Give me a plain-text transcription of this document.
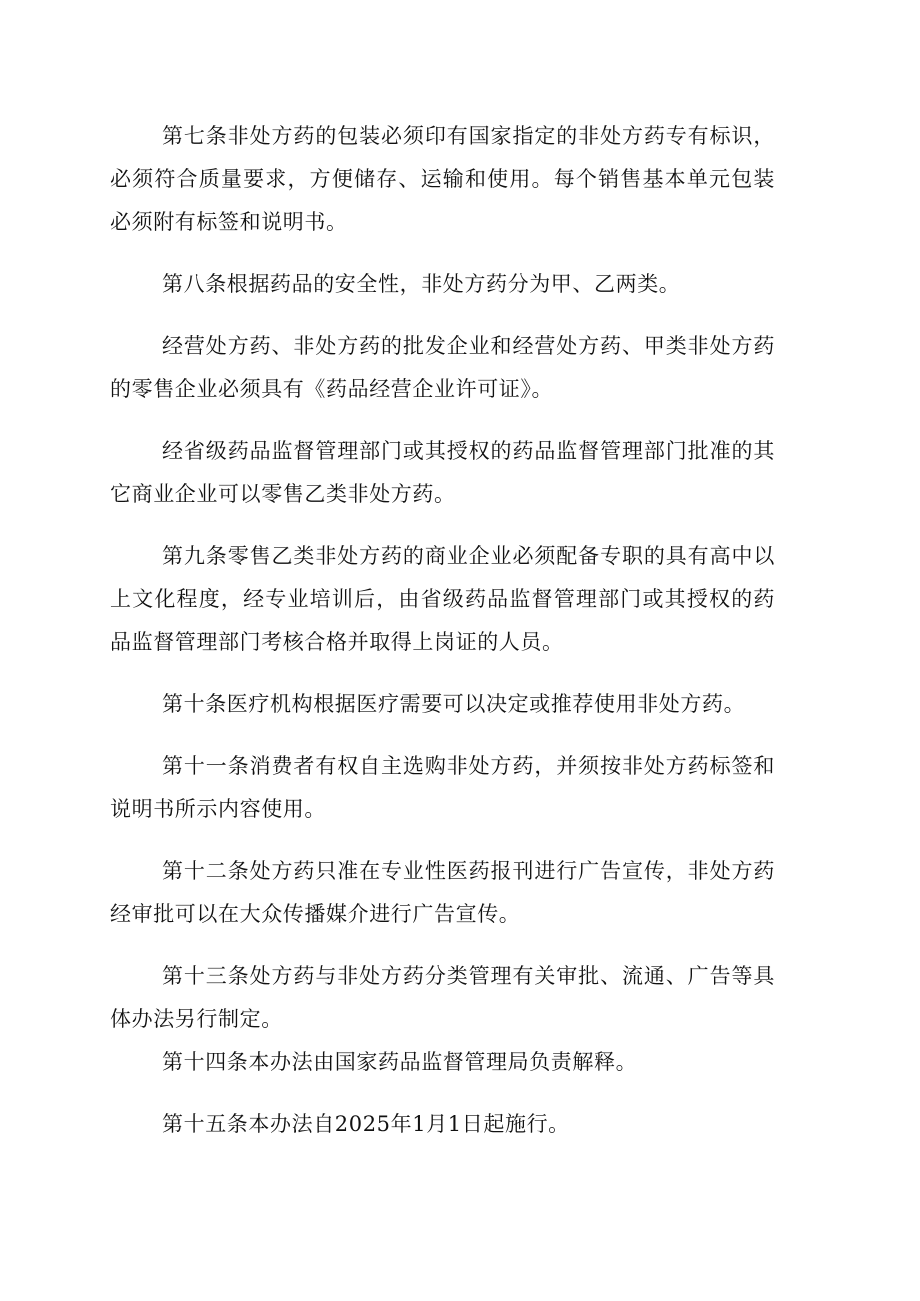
第七条非处方药的包装必须印有国家指定的非处方药专有标识，必须符合质量要求，方便储存、运输和使用。每个销售基本单元包装必须附有标签和说明书。

第八条根据药品的安全性，非处方药分为甲、乙两类。

经营处方药、非处方药的批发企业和经营处方药、甲类非处方药的零售企业必须具有《药品经营企业许可证》。

经省级药品监督管理部门或其授权的药品监督管理部门批准的其它商业企业可以零售乙类非处方药。

第九条零售乙类非处方药的商业企业必须配备专职的具有高中以上文化程度，经专业培训后，由省级药品监督管理部门或其授权的药品监督管理部门考核合格并取得上岗证的人员。

第十条医疗机构根据医疗需要可以决定或推荐使用非处方药。

第十一条消费者有权自主选购非处方药，并须按非处方药标签和说明书所示内容使用。

第十二条处方药只准在专业性医药报刊进行广告宣传，非处方药经审批可以在大众传播媒介进行广告宣传。

第十三条处方药与非处方药分类管理有关审批、流通、广告等具体办法另行制定。

第十四条本办法由国家药品监督管理局负责解释。

第十五条本办法自2025年1月1日起施行。
